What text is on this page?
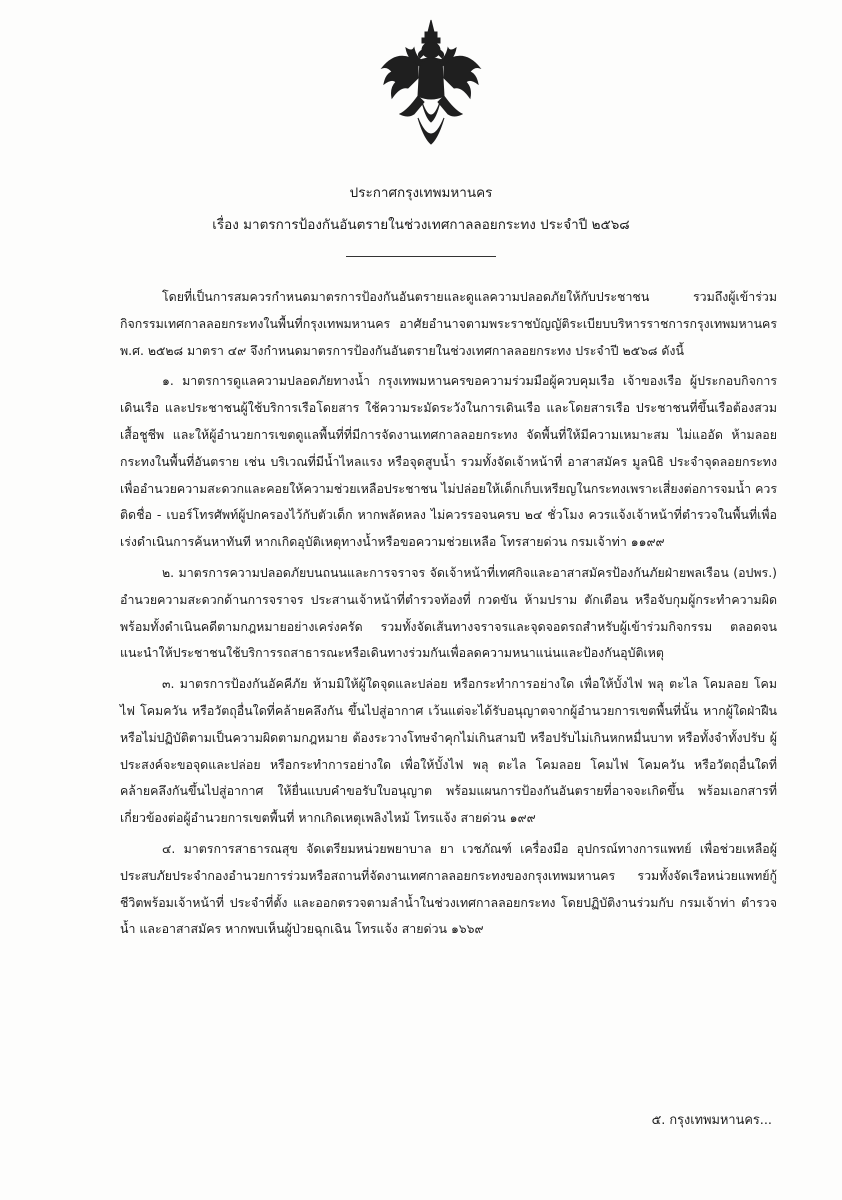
ประกาศกรุงเทพมหานคร
เรื่อง มาตรการป้องกันอันตรายในช่วงเทศกาลลอยกระทง ประจำปี ๒๕๖๘

โดยที่เป็นการสมควรกำหนดมาตรการป้องกันอันตรายและดูแลความปลอดภัยให้กับประชาชน รวมถึงผู้เข้าร่วมกิจกรรมเทศกาลลอยกระทงในพื้นที่กรุงเทพมหานคร อาศัยอำนาจตามพระราชบัญญัติระเบียบบริหารราชการกรุงเทพมหานคร พ.ศ. ๒๕๒๘ มาตรา ๔๙ จึงกำหนดมาตรการป้องกันอันตรายในช่วงเทศกาลลอยกระทง ประจำปี ๒๕๖๘ ดังนี้

๑. มาตรการดูแลความปลอดภัยทางน้ำ กรุงเทพมหานครขอความร่วมมือผู้ควบคุมเรือ เจ้าของเรือ ผู้ประกอบกิจการเดินเรือ และประชาชนผู้ใช้บริการเรือโดยสาร ใช้ความระมัดระวังในการเดินเรือ และโดยสารเรือ ประชาชนที่ขึ้นเรือต้องสวมเสื้อชูชีพ และให้ผู้อำนวยการเขตดูแลพื้นที่ที่มีการจัดงานเทศกาลลอยกระทง จัดพื้นที่ให้มีความเหมาะสม ไม่แออัด ห้ามลอยกระทงในพื้นที่อันตราย เช่น บริเวณที่มีน้ำไหลแรง หรือจุดสูบน้ำ รวมทั้งจัดเจ้าหน้าที่ อาสาสมัคร มูลนิธิ ประจำจุดลอยกระทงเพื่ออำนวยความสะดวกและคอยให้ความช่วยเหลือประชาชน ไม่ปล่อยให้เด็กเก็บเหรียญในกระทงเพราะเสี่ยงต่อการจมน้ำ ควรติดชื่อ - เบอร์โทรศัพท์ผู้ปกครองไว้กับตัวเด็ก หากพลัดหลง ไม่ควรรอจนครบ ๒๔ ชั่วโมง ควรแจ้งเจ้าหน้าที่ตำรวจในพื้นที่เพื่อเร่งดำเนินการค้นหาทันที หากเกิดอุบัติเหตุทางน้ำหรือขอความช่วยเหลือ โทรสายด่วน กรมเจ้าท่า ๑๑๙๙

๒. มาตรการความปลอดภัยบนถนนและการจราจร จัดเจ้าหน้าที่เทศกิจและอาสาสมัครป้องกันภัยฝ่ายพลเรือน (อปพร.) อำนวยความสะดวกด้านการจราจร ประสานเจ้าหน้าที่ตำรวจท้องที่ กวดขัน ห้ามปราม ตักเตือน หรือจับกุมผู้กระทำความผิด พร้อมทั้งดำเนินคดีตามกฎหมายอย่างเคร่งครัด รวมทั้งจัดเส้นทางจราจรและจุดจอดรถสำหรับผู้เข้าร่วมกิจกรรม ตลอดจนแนะนำให้ประชาชนใช้บริการรถสาธารณะหรือเดินทางร่วมกันเพื่อลดความหนาแน่นและป้องกันอุบัติเหตุ

๓. มาตรการป้องกันอัคคีภัย ห้ามมิให้ผู้ใดจุดและปล่อย หรือกระทำการอย่างใด เพื่อให้บั้งไฟ พลุ ตะไล โคมลอย โคมไฟ โคมควัน หรือวัตถุอื่นใดที่คล้ายคลึงกัน ขึ้นไปสู่อากาศ เว้นแต่จะได้รับอนุญาตจากผู้อำนวยการเขตพื้นที่นั้น หากผู้ใดฝ่าฝืน หรือไม่ปฏิบัติตามเป็นความผิดตามกฎหมาย ต้องระวางโทษจำคุกไม่เกินสามปี หรือปรับไม่เกินหกหมื่นบาท หรือทั้งจำทั้งปรับ ผู้ประสงค์จะขอจุดและปล่อย หรือกระทำการอย่างใด เพื่อให้บั้งไฟ พลุ ตะไล โคมลอย โคมไฟ โคมควัน หรือวัตถุอื่นใดที่คล้ายคลึงกันขึ้นไปสู่อากาศ ให้ยื่นแบบคำขอรับใบอนุญาต พร้อมแผนการป้องกันอันตรายที่อาจจะเกิดขึ้น พร้อมเอกสารที่เกี่ยวข้องต่อผู้อำนวยการเขตพื้นที่ หากเกิดเหตุเพลิงไหม้ โทรแจ้ง สายด่วน ๑๙๙

๔. มาตรการสาธารณสุข จัดเตรียมหน่วยพยาบาล ยา เวชภัณฑ์ เครื่องมือ อุปกรณ์ทางการแพทย์ เพื่อช่วยเหลือผู้ประสบภัยประจำกองอำนวยการร่วมหรือสถานที่จัดงานเทศกาลลอยกระทงของกรุงเทพมหานคร รวมทั้งจัดเรือหน่วยแพทย์กู้ชีวิตพร้อมเจ้าหน้าที่ ประจำที่ตั้ง และออกตรวจตามลำน้ำในช่วงเทศกาลลอยกระทง โดยปฏิบัติงานร่วมกับ กรมเจ้าท่า ตำรวจน้ำ และอาสาสมัคร หากพบเห็นผู้ป่วยฉุกเฉิน โทรแจ้ง สายด่วน ๑๖๖๙

๕. กรุงเทพมหานคร...
